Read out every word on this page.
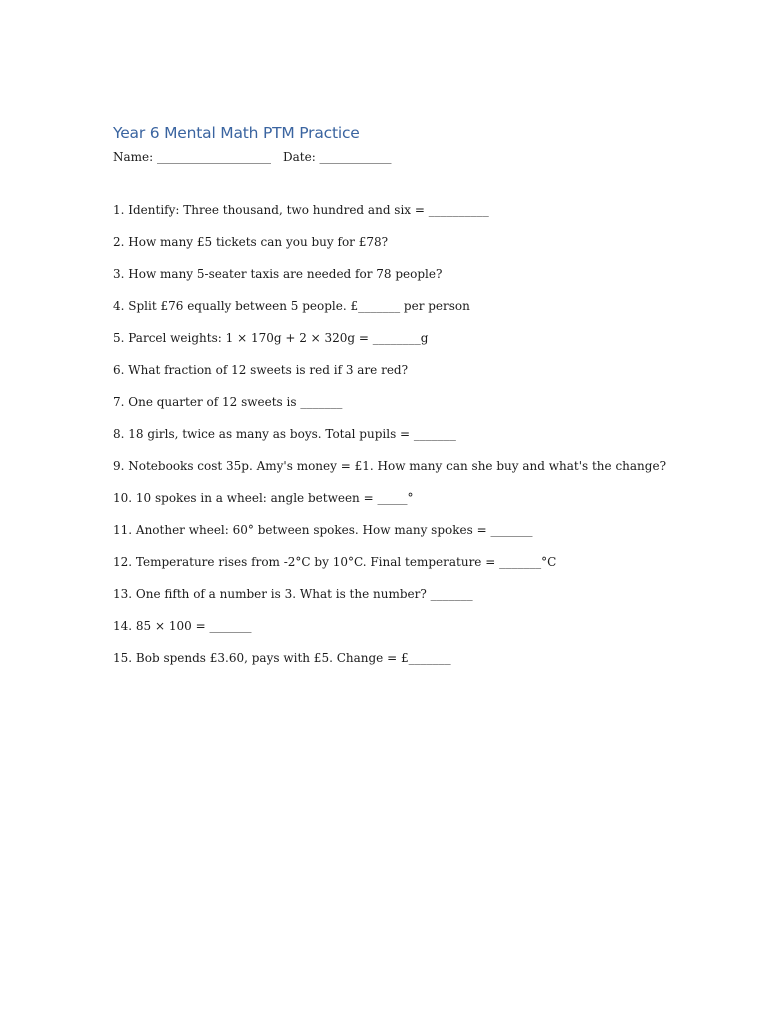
Year 6 Mental Math PTM Practice
Name: ___________________ Date: ____________
1. Identify: Three thousand, two hundred and six = __________
2. How many £5 tickets can you buy for £78?
3. How many 5-seater taxis are needed for 78 people?
4. Split £76 equally between 5 people. £_______ per person
5. Parcel weights: 1 × 170g + 2 × 320g = ________g
6. What fraction of 12 sweets is red if 3 are red?
7. One quarter of 12 sweets is _______
8. 18 girls, twice as many as boys. Total pupils = _______
9. Notebooks cost 35p. Amy's money = £1. How many can she buy and what's the change?
10. 10 spokes in a wheel: angle between = _____°
11. Another wheel: 60° between spokes. How many spokes = _______
12. Temperature rises from -2°C by 10°C. Final temperature = _______°C
13. One fifth of a number is 3. What is the number? _______
14. 85 × 100 = _______
15. Bob spends £3.60, pays with £5. Change = £_______
